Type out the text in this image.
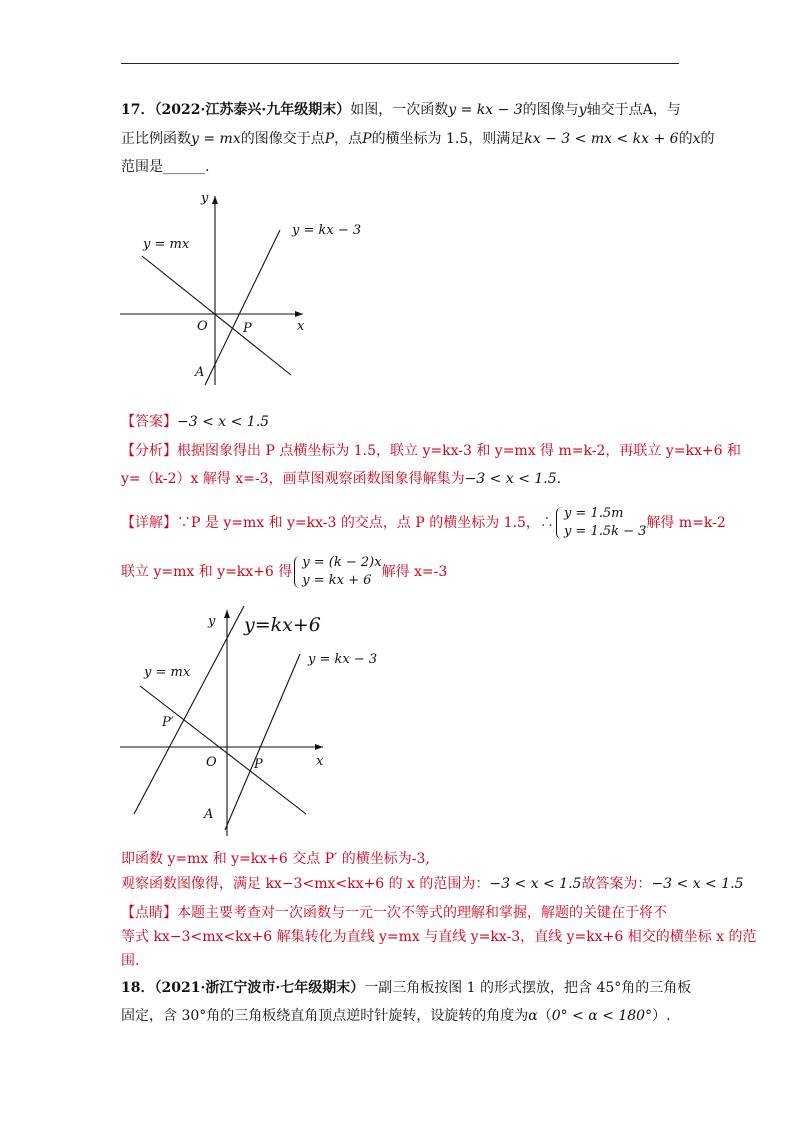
17．（2022·江苏泰兴·九年级期末）如图，一次函数y = kx − 3的图像与y轴交于点A，与
正比例函数y = mx的图像交于点P，点P的横坐标为 1.5，则满足kx − 3 < mx < kx + 6的x的
范围是______.
y
x
O	P
A
y = mx
y = kx − 3
【答案】−3 < x < 1.5
【分析】根据图象得出 P 点横坐标为 1.5，联立 y=kx-3 和 y=mx 得 m=k-2，再联立 y=kx+6 和
y=（k-2）x 解得 x=-3，画草图观察函数图象得解集为−3 < x < 1.5.
【详解】∵P 是 y=mx 和 y=kx-3 的交点，点 P 的横坐标为 1.5，∴
y = 1.5m
y = 1.5k − 3
解得 m=k-2
联立 y=mx 和 y=kx+6 得
y = (k − 2)x
y = kx + 6
解得 x=-3
y
x
O	P
P′
A
y = mx
y = kx − 3
y=kx+6
即函数 y=mx 和 y=kx+6 交点 P′ 的横坐标为-3,
观察函数图像得，满足 kx−3<mx<kx+6 的 x 的范围为：−3 < x < 1.5故答案为：−3 < x < 1.5
【点睛】本题主要考查对一次函数与一元一次不等式的理解和掌握，解题的关键在于将不
等式 kx−3<mx<kx+6 解集转化为直线 y=mx 与直线 y=kx-3，直线 y=kx+6 相交的横坐标 x 的范
围.
18．（2021·浙江宁波市·七年级期末）一副三角板按图 1 的形式摆放，把含 45°角的三角板
固定，含 30°角的三角板绕直角顶点逆时针旋转，设旋转的角度为α（0° < α < 180°）.
